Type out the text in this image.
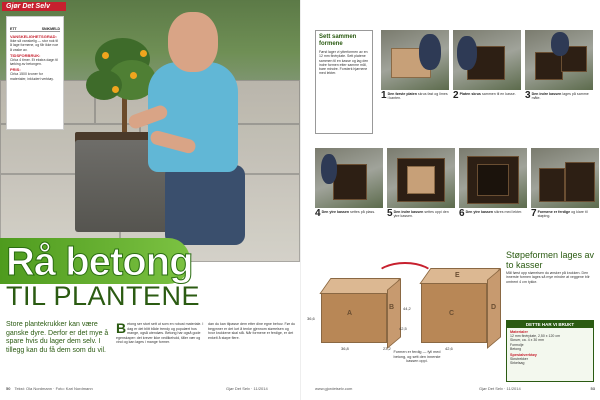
Gjør Det Selv
ETT	SNIKMELD
VANSKELIGHETSGRAD:
Ikke så vanskelig — stor nok til å lage formene, og får ikke noe å vaske av.
TIDSFORBRUK:
Cirka 4 timer. Et ekstra døgn til tørking av betongen.
PRIS:
Cirka 1500 kroner for materialer, inkludert verktøy.
Rå betong
TIL PLANTENE
Store plantekrukker kan være ganske dyre. Derfor er det mye å spare hvis du lager dem selv. I tillegg kan du få dem som du vil.
Betong ser stort sett ut som en robust materiale. I dag er det blitt både trendy og populært hos mange, også utendørs. Betong har også gode egenskaper: det krever ikke vedlikehold, tåler vær og vind og kan lages i mange former.
dan du kan tilpasse dem etter dine egne behov. Før du begynner er det lurt å tenke gjennom størrelsen og hvor krukkene skal stå. Når formene er ferdige, er det enkelt å støpe flere.
50 Tekst: Ola Nordmann · Foto: Kari Nordmann	Gjør Det Selv · 11/2014
Sett sammen formene
Først lager vi ytterformen av en 12 mm finérplate. Sett platene sammen til en kasse og lag den indre formen etter samme mål, bare mindre. Forsterk hjørnene med lekter.
1 Den første platen skrus fast og limes i kanten.	2 Platen skrus sammen til en kasse. 3 Den indre kassen lages på samme måte.
4 Den ytre kassen settes på plass.	5 Den indre kassen settes oppi den ytre kassen.	6 Den ytre kassen sikres med lekter. 7 Formene er ferdige og klare til støping.
A
B
C
D
E
36,6
42,5
44,2
36,8	23,2	42,6
Formen er ferdig — fyll med betong, og sett den innerste kassen oppi.
Støpeformen lages av to kasser
Mål først opp størrelsen du ønsker på krukken. Den innerste formen lages så mye mindre at veggene blir omtrent 4 cm tykke.
DETTE HAR VI BRUKT
Materialer
12 mm finérplate, 2,50 x 120 cm
Skruer, ca. 4 x 30 mm
Formolje
Betong
Spesialverktøy
Skrutrekker
Sirkelsag
www.gjordetselv.com	Gjør Det Selv · 11/2014	53
